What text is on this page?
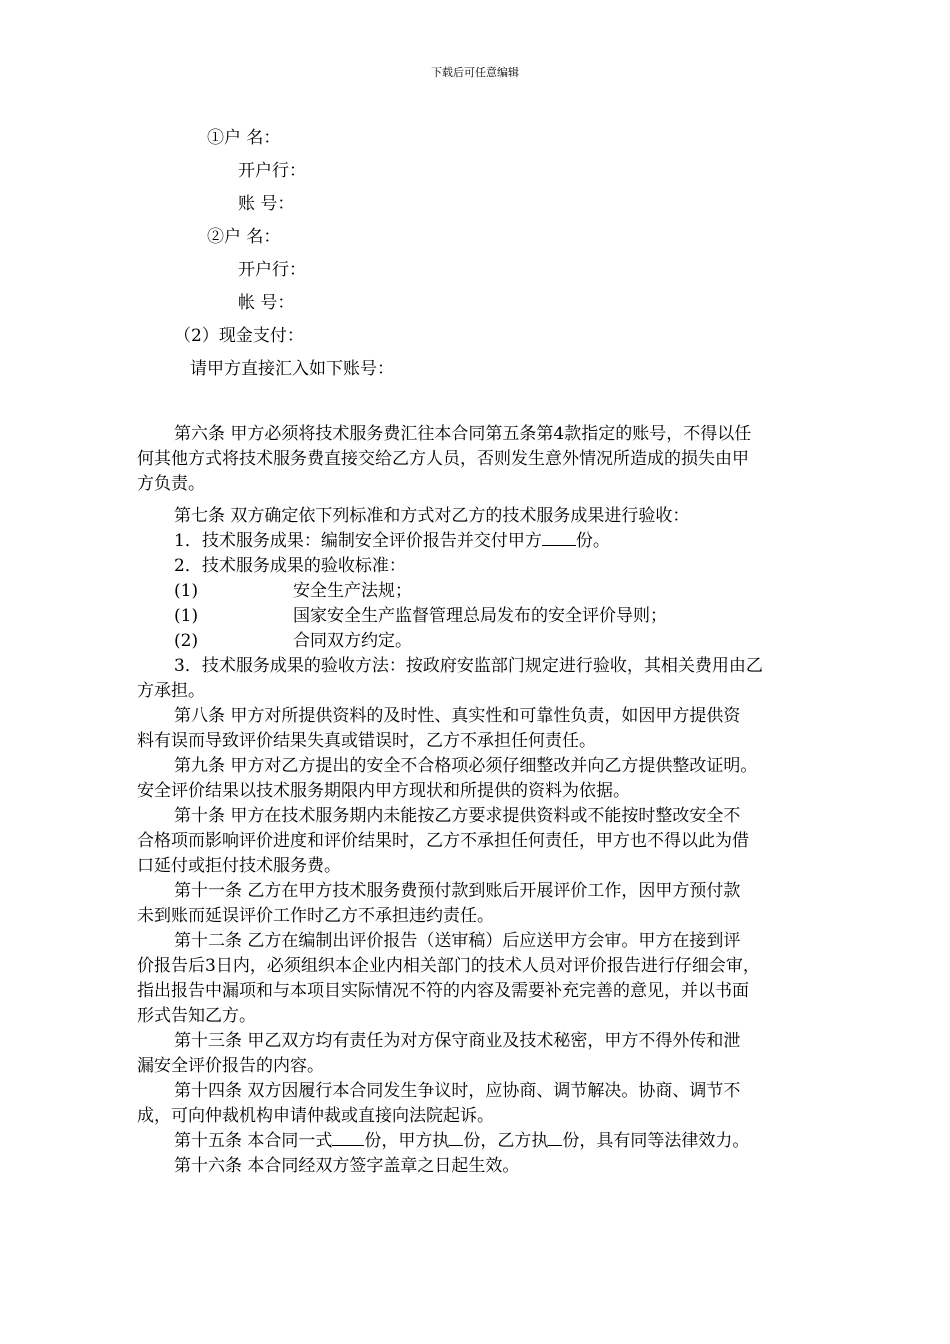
下载后可任意编辑
①户 名：
开户行：
账 号：
②户 名：
开户行：
帐 号：
（2）现金支付：
请甲方直接汇入如下账号：
第六条 甲方必须将技术服务费汇往本合同第五条第4款指定的账号，不得以任
何其他方式将技术服务费直接交给乙方人员，否则发生意外情况所造成的损失由甲
方负责。
第七条 双方确定依下列标准和方式对乙方的技术服务成果进行验收：
1．技术服务成果：编制安全评价报告并交付甲方 份。
2．技术服务成果的验收标准：
(1)	安全生产法规；
(1)	国家安全生产监督管理总局发布的安全评价导则；
(2)	合同双方约定。
3．技术服务成果的验收方法：按政府安监部门规定进行验收，其相关费用由乙
方承担。
第八条 甲方对所提供资料的及时性、真实性和可靠性负责，如因甲方提供资
料有误而导致评价结果失真或错误时，乙方不承担任何责任。
第九条 甲方对乙方提出的安全不合格项必须仔细整改并向乙方提供整改证明。
安全评价结果以技术服务期限内甲方现状和所提供的资料为依据。
第十条 甲方在技术服务期内未能按乙方要求提供资料或不能按时整改安全不
合格项而影响评价进度和评价结果时，乙方不承担任何责任，甲方也不得以此为借
口延付或拒付技术服务费。
第十一条 乙方在甲方技术服务费预付款到账后开展评价工作，因甲方预付款
未到账而延误评价工作时乙方不承担违约责任。
第十二条 乙方在编制出评价报告（送审稿）后应送甲方会审。甲方在接到评
价报告后3日内，必须组织本企业内相关部门的技术人员对评价报告进行仔细会审，
指出报告中漏项和与本项目实际情况不符的内容及需要补充完善的意见，并以书面
形式告知乙方。
第十三条 甲乙双方均有责任为对方保守商业及技术秘密，甲方不得外传和泄
漏安全评价报告的内容。
第十四条 双方因履行本合同发生争议时，应协商、调节解决。协商、调节不
成，可向仲裁机构申请仲裁或直接向法院起诉。
第十五条 本合同一式 份，甲方执 份，乙方执 份，具有同等法律效力。
第十六条 本合同经双方签字盖章之日起生效。
